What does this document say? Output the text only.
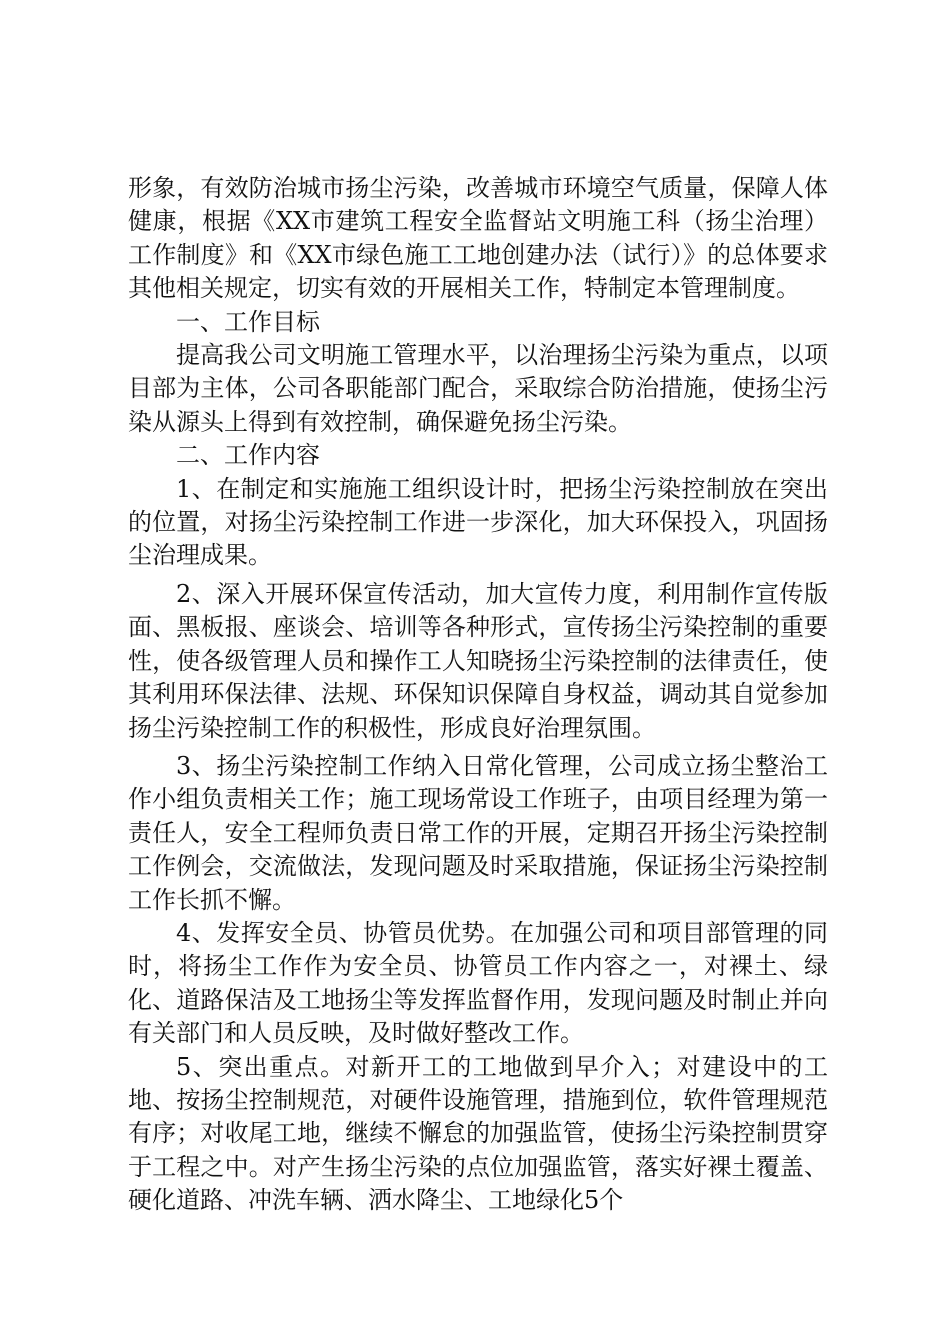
形象，有效防治城市扬尘污染，改善城市环境空气质量，保障人体健康，根据《XX市建筑工程安全监督站文明施工科（扬尘治理）工作制度》和《XX市绿色施工工地创建办法（试行）》的总体要求其他相关规定，切实有效的开展相关工作，特制定本管理制度。

一、工作目标

提高我公司文明施工管理水平，以治理扬尘污染为重点，以项目部为主体，公司各职能部门配合，采取综合防治措施，使扬尘污染从源头上得到有效控制，确保避免扬尘污染。

二、工作内容

1、在制定和实施施工组织设计时，把扬尘污染控制放在突出的位置，对扬尘污染控制工作进一步深化，加大环保投入，巩固扬尘治理成果。

2、深入开展环保宣传活动，加大宣传力度，利用制作宣传版面、黑板报、座谈会、培训等各种形式，宣传扬尘污染控制的重要性，使各级管理人员和操作工人知晓扬尘污染控制的法律责任，使其利用环保法律、法规、环保知识保障自身权益，调动其自觉参加扬尘污染控制工作的积极性，形成良好治理氛围。

3、扬尘污染控制工作纳入日常化管理，公司成立扬尘整治工作小组负责相关工作；施工现场常设工作班子，由项目经理为第一责任人，安全工程师负责日常工作的开展，定期召开扬尘污染控制工作例会，交流做法，发现问题及时采取措施，保证扬尘污染控制工作长抓不懈。

4、发挥安全员、协管员优势。在加强公司和项目部管理的同时，将扬尘工作作为安全员、协管员工作内容之一，对裸土、绿化、道路保洁及工地扬尘等发挥监督作用，发现问题及时制止并向有关部门和人员反映，及时做好整改工作。

5、突出重点。对新开工的工地做到早介入；对建设中的工地、按扬尘控制规范，对硬件设施管理，措施到位，软件管理规范有序；对收尾工地，继续不懈怠的加强监管，使扬尘污染控制贯穿于工程之中。对产生扬尘污染的点位加强监管，落实好裸土覆盖、硬化道路、冲洗车辆、洒水降尘、工地绿化5个
